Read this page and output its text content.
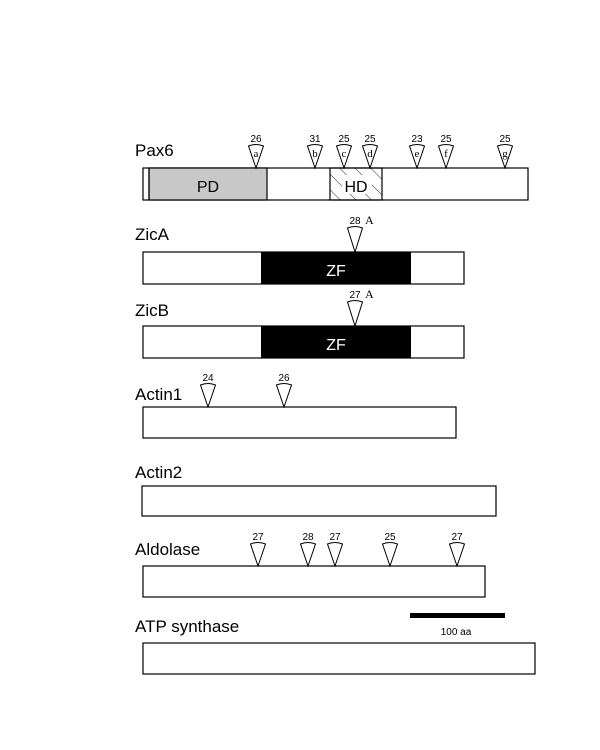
Pax6
ZicA
ZicB
Actin1
Actin2
Aldolase
ATP synthase
PD	HD
ZF
ZF
100 aa
26
a
31
b
25
c
25
d
23
e
25
f
25
g
28 A
27 A
24	26
27	28 27	25	27
